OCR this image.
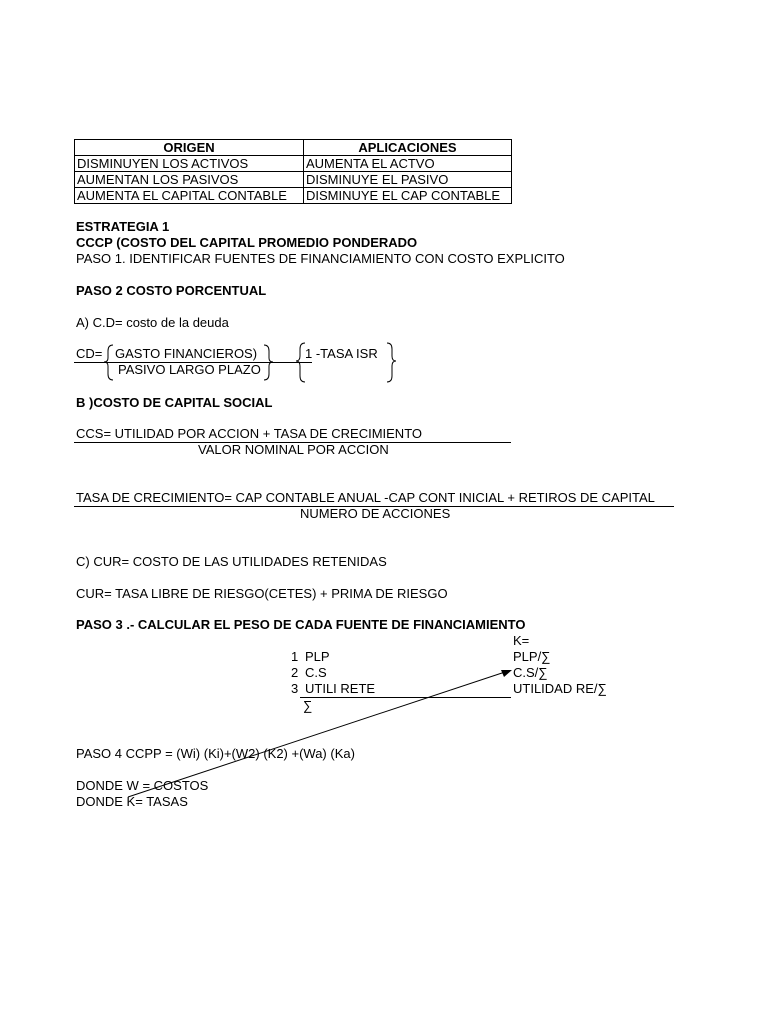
ORIGEN	APLICACIONES
DISMINUYEN LOS ACTIVOS	AUMENTA EL ACTVO
AUMENTAN LOS PASIVOS	DISMINUYE EL PASIVO
AUMENTA EL CAPITAL CONTABLE	DISMINUYE EL CAP CONTABLE
ESTRATEGIA 1
CCCP (COSTO DEL CAPITAL PROMEDIO PONDERADO
PASO 1. IDENTIFICAR FUENTES DE FINANCIAMIENTO CON COSTO EXPLICITO
PASO 2 COSTO PORCENTUAL
A) C.D= costo de la deuda
CD= GASTO FINANCIEROS)
PASIVO LARGO PLAZO
1 -TASA ISR
B )COSTO DE CAPITAL SOCIAL
CCS= UTILIDAD POR ACCION + TASA DE CRECIMIENTO
VALOR NOMINAL POR ACCION
TASA DE CRECIMIENTO= CAP CONTABLE ANUAL -CAP CONT INICIAL + RETIROS DE CAPITAL
NUMERO DE ACCIONES
C) CUR= COSTO DE LAS UTILIDADES RETENIDAS
CUR= TASA LIBRE DE RIESGO(CETES) + PRIMA DE RIESGO
PASO 3 .- CALCULAR EL PESO DE CADA FUENTE DE FINANCIAMIENTO
K=
1 PLP	PLP/∑
2 C.S	C.S/∑
3 UTILI RETE	UTILIDAD RE/∑
∑
PASO 4 CCPP = (Wi) (Ki)+(W2) (K2) +(Wa) (Ka)
DONDE W = COSTOS
DONDE K= TASAS
